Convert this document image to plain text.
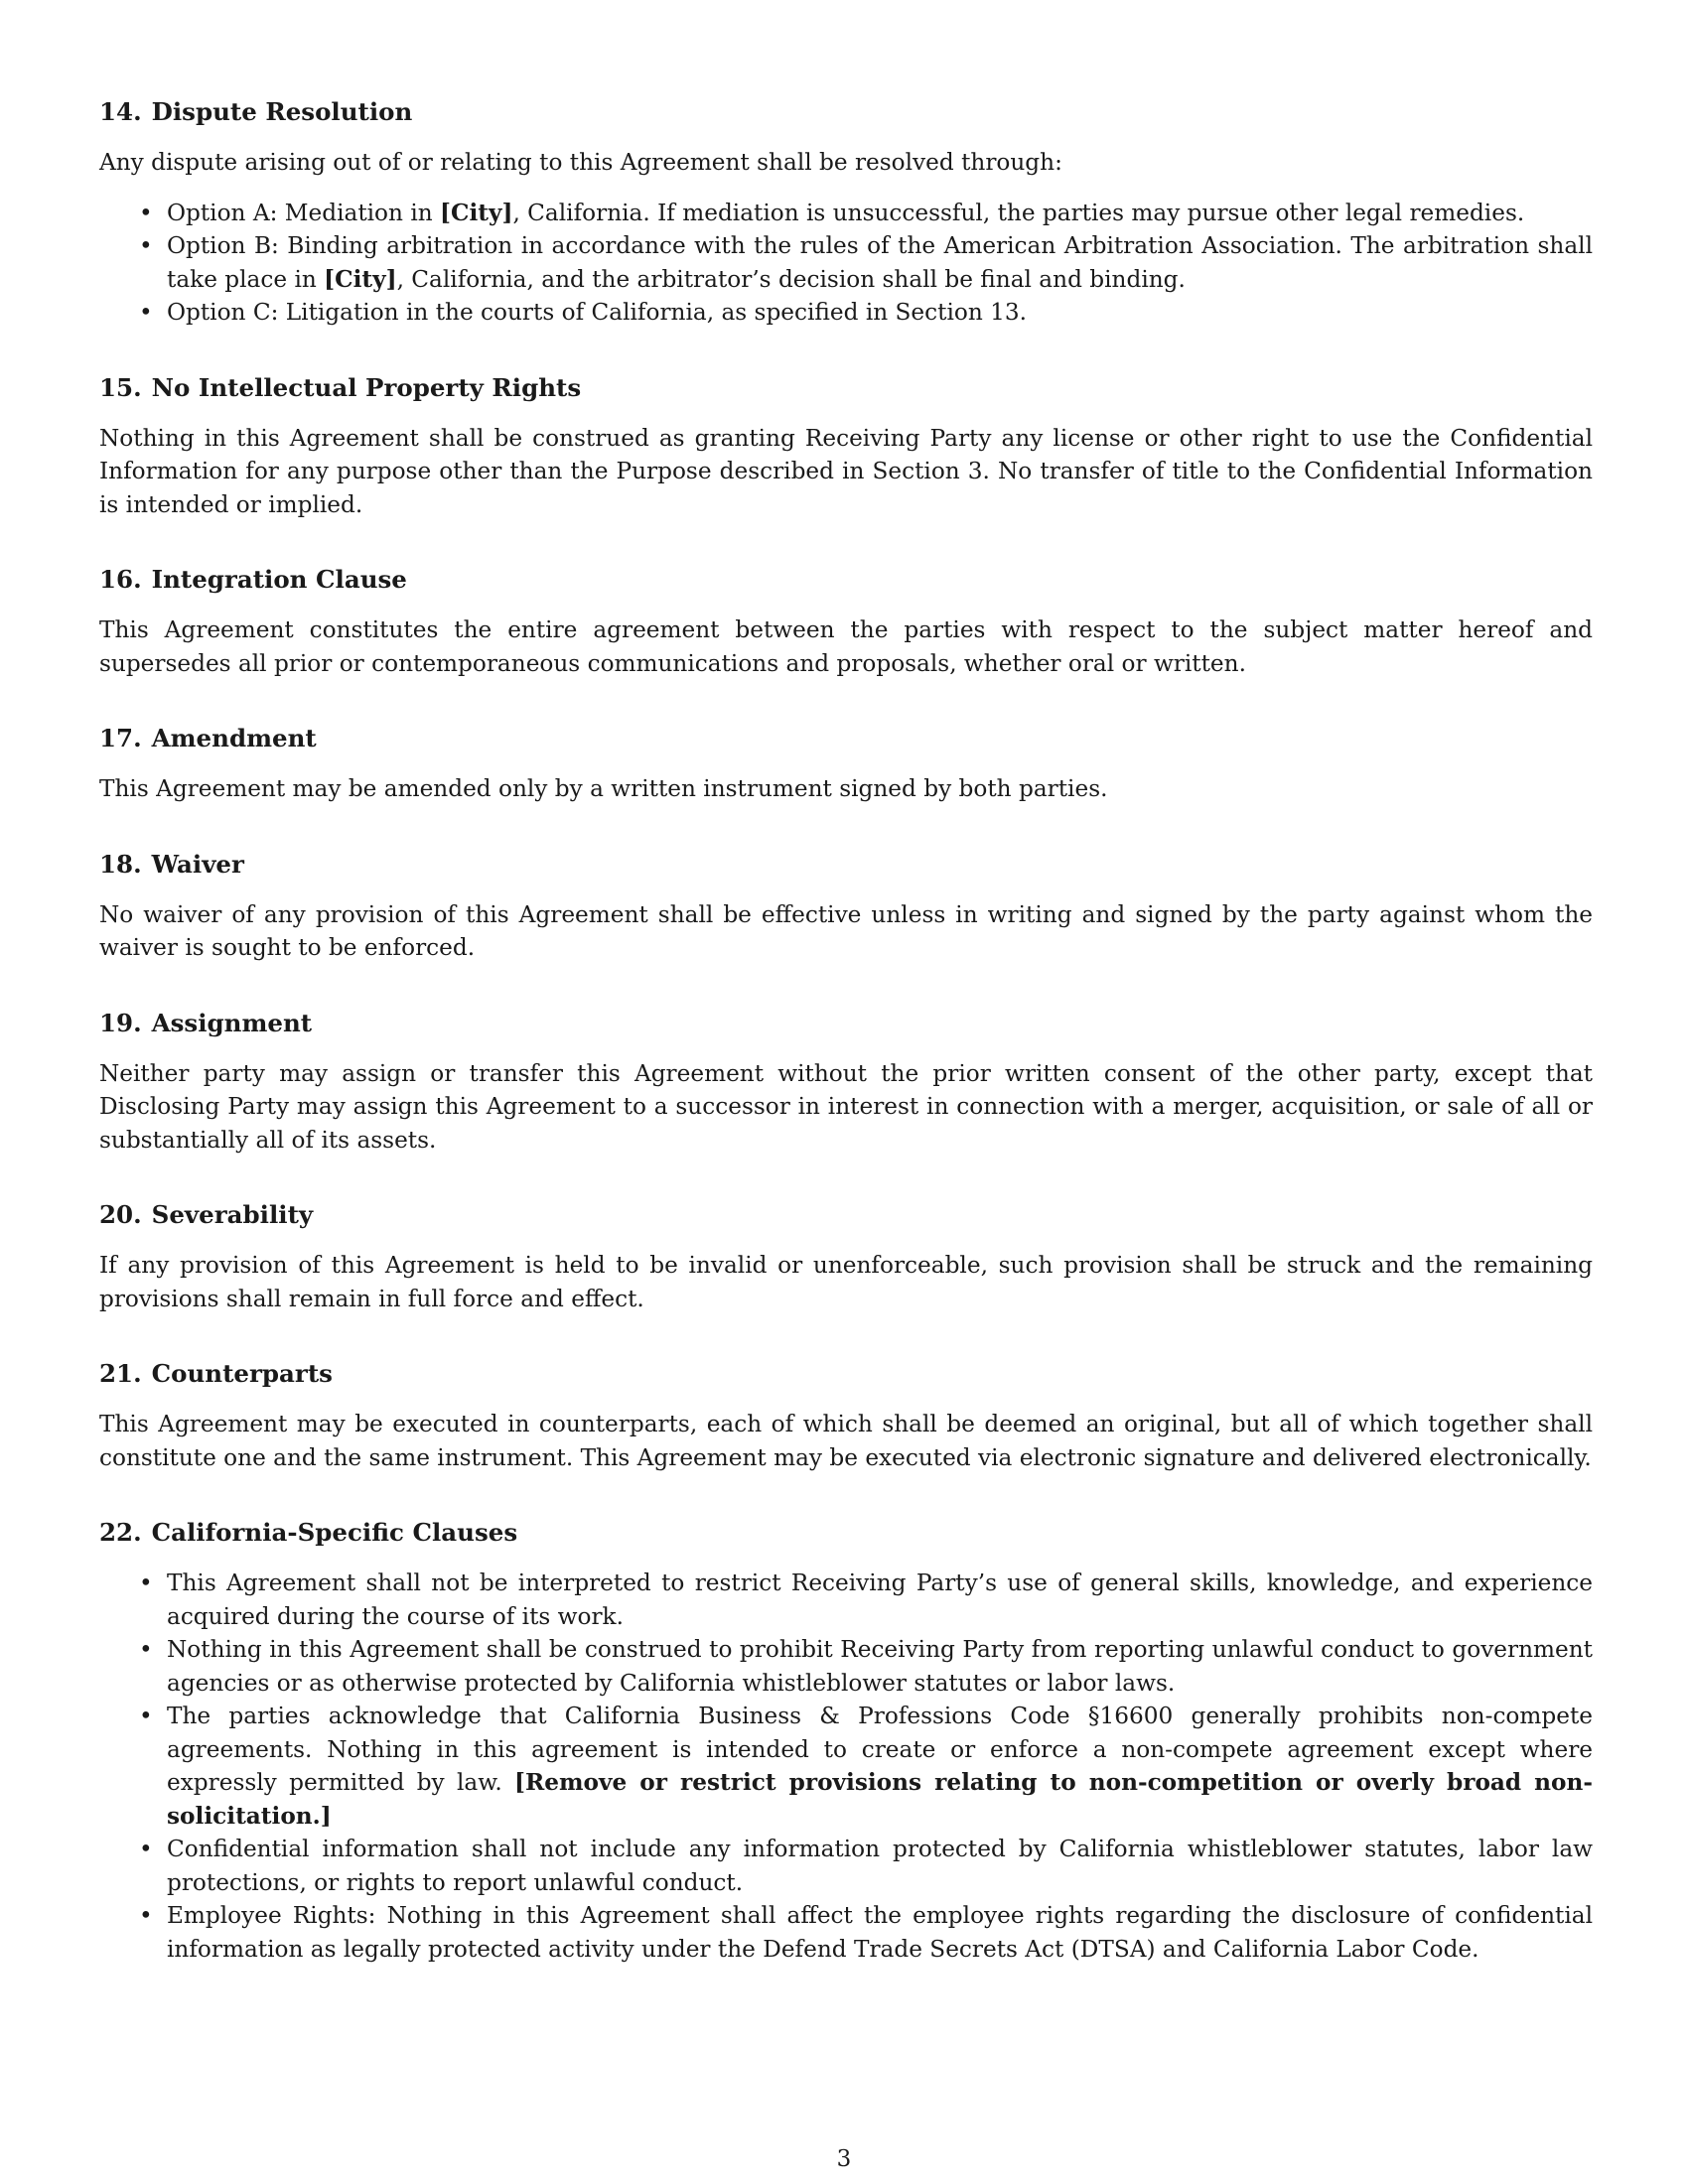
14. Dispute Resolution

Any dispute arising out of or relating to this Agreement shall be resolved through:

• Option A: Mediation in [City], California. If mediation is unsuccessful, the parties may pursue other legal remedies.
• Option B: Binding arbitration in accordance with the rules of the American Arbitration Association. The arbitration shall take place in [City], California, and the arbitrator’s decision shall be final and binding.
• Option C: Litigation in the courts of California, as specified in Section 13.
15. No Intellectual Property Rights

Nothing in this Agreement shall be construed as granting Receiving Party any license or other right to use the Confidential Information for any purpose other than the Purpose described in Section 3. No transfer of title to the Confidential Information is intended or implied.

16. Integration Clause

This Agreement constitutes the entire agreement between the parties with respect to the subject matter hereof and supersedes all prior or contemporaneous communications and proposals, whether oral or written.

17. Amendment

This Agreement may be amended only by a written instrument signed by both parties.

18. Waiver

No waiver of any provision of this Agreement shall be effective unless in writing and signed by the party against whom the waiver is sought to be enforced.

19. Assignment

Neither party may assign or transfer this Agreement without the prior written consent of the other party, except that Disclosing Party may assign this Agreement to a successor in interest in connection with a merger, acquisition, or sale of all or substantially all of its assets.

20. Severability

If any provision of this Agreement is held to be invalid or unenforceable, such provision shall be struck and the remaining provisions shall remain in full force and effect.

21. Counterparts

This Agreement may be executed in counterparts, each of which shall be deemed an original, but all of which together shall constitute one and the same instrument. This Agreement may be executed via electronic signature and delivered electronically.

22. California-Specific Clauses
• This Agreement shall not be interpreted to restrict Receiving Party’s use of general skills, knowledge, and experience acquired during the course of its work.
• Nothing in this Agreement shall be construed to prohibit Receiving Party from reporting unlawful conduct to government agencies or as otherwise protected by California whistleblower statutes or labor laws.
• The parties acknowledge that California Business & Professions Code §16600 generally prohibits non-compete agreements. Nothing in this agreement is intended to create or enforce a non-compete agreement except where expressly permitted by law. [Remove or restrict provisions relating to non-competition or overly broad non-solicitation.]
• Confidential information shall not include any information protected by California whistleblower statutes, labor law protections, or rights to report unlawful conduct.
• Employee Rights: Nothing in this Agreement shall affect the employee rights regarding the disclosure of confidential information as legally protected activity under the Defend Trade Secrets Act (DTSA) and California Labor Code.
3
